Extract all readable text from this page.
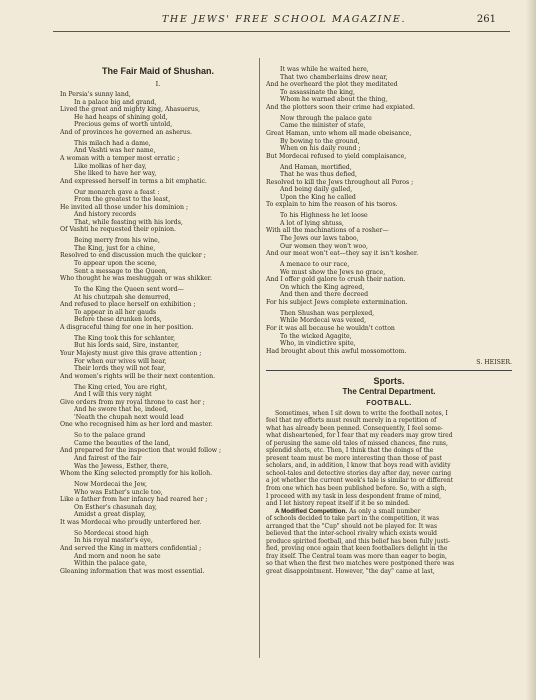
THE JEWS' FREE SCHOOL MAGAZINE.	261
The Fair Maid of Shushan.
I.
In Persia's sunny land,
In a palace big and grand,
Lived the great and mighty king, Ahasuerus,
He had heaps of shining gold,
Precious gems of worth untold,
And of provinces he governed an asherus.
This milach had a dame,
And Vashti was her name,
A woman with a temper most erratic ;
Like molkas of her day,
She liked to have her way,
And expressed herself in terms a bit emphatic.
Our monarch gave a feast :
From the greatest to the least,
He invited all those under his dominion ;
And history records
That, while feasting with his lords,
Of Vashti he requested their opinion.
Being merry from his wine,
The King, just for a chine,
Resolved to end discussion much the quicker ;
To appear upon the scene,
Sent a message to the Queen,
Who thought he was meshuggah or was shikker.
To the King the Queen sent word—
At his chutzpah she demurred,
And refused to place herself on exhibition ;
To appear in all her gauds
Before these drunken lords,
A disgraceful thing for one in her position.
The King took this for schlanter,
But his lords said, Sire, instanter,
Your Majesty must give this grave attention ;
For when our wives will hear,
Their lords they will not fear,
And women's rights will be their next contention.
The King cried, You are right,
And I will this very night
Give orders from my royal throne to cast her ;
And he swore that he, indeed,
'Neath the chupah next would lead
One who recognised him as her lord and master.
So to the palace grand
Came the beauties of the land,
And prepared for the inspection that would follow ;
And fairest of the fair
Was the Jewess, Esther, there,
Whom the King selected promptly for his kolloh.
Now Mordecai the Jew,
Who was Esther's uncle too,
Like a father from her infancy had reared her ;
On Esther's chasunah day,
Amidst a great display,
It was Mordecai who proudly unterfered her.
So Mordecai stood high
In his royal master's eye,
And served the King in matters confidential ;
And morn and noon he sate
Within the palace gate,
Gleaning information that was most essential.
It was while he waited here,
That two chamberlains drew near,
And he overheard the plot they meditated
To assassinate the king,
Whom he warned about the thing,
And the plotters soon their crime had expiated.
Now through the palace gate
Came the minister of state,
Great Haman, unto whom all made obeisance,
By bowing to the ground,
When on his daily round ;
But Mordecai refused to yield complaisance,
And Haman, mortified,
That he was thus defied,
Resolved to kill the Jews throughout all Poros ;
And being daily galled,
Upon the King he called
To explain to him the reason of his tsoros.
To his Highness he let loose
A lot of lying shtuss,
With all the machinations of a rosher—
The Jews our laws taboo,
Our women they won't woo,
And our meat won't eat—they say it isn't kosher.
A menace to our race,
We must show the Jews no grace,
And I offer gold galore to crush their nation.
On which the King agreed,
And then and there decreed
For his subject Jews complete extermination.
Then Shushan was perplexed,
While Mordecai was vexed,
For it was all because he wouldn't cotton
To the wicked Agagite,
Who, in vindictive spite,
Had brought about this awful mossomottom.
S. HEISER.
Sports.
The Central Department.
FOOTBALL.
Sometimes, when I sit down to write the football notes, I
feel that my efforts must result merely in a repetition of
what has already been penned. Consequently, I feel some-
what disheartened, for I fear that my readers may grow tired
of perusing the same old tales of missed chances, fine runs,
splendid shots, etc. Then, I think that the doings of the
present team must be more interesting than those of past
scholars, and, in addition, I know that boys read with avidity
school-tales and detective stories day after day, never caring
a jot whether the current week's tale is similar to or different
from one which has been published before. So, with a sigh,
I proceed with my task in less despondent frame of mind,
and I let history repeat itself if it be so minded.
A Modified Competition. As only a small number
of schools decided to take part in the competition, it was
arranged that the "Cup" should not be played for. It was
believed that the inter-school rivalry which exists would
produce spirited football, and this belief has been fully justi-
fied, proving once again that keen footballers delight in the
fray itself. The Central team was more than eager to begin,
so that when the first two matches were postponed there was
great disappointment. However, "the day" came at last,
